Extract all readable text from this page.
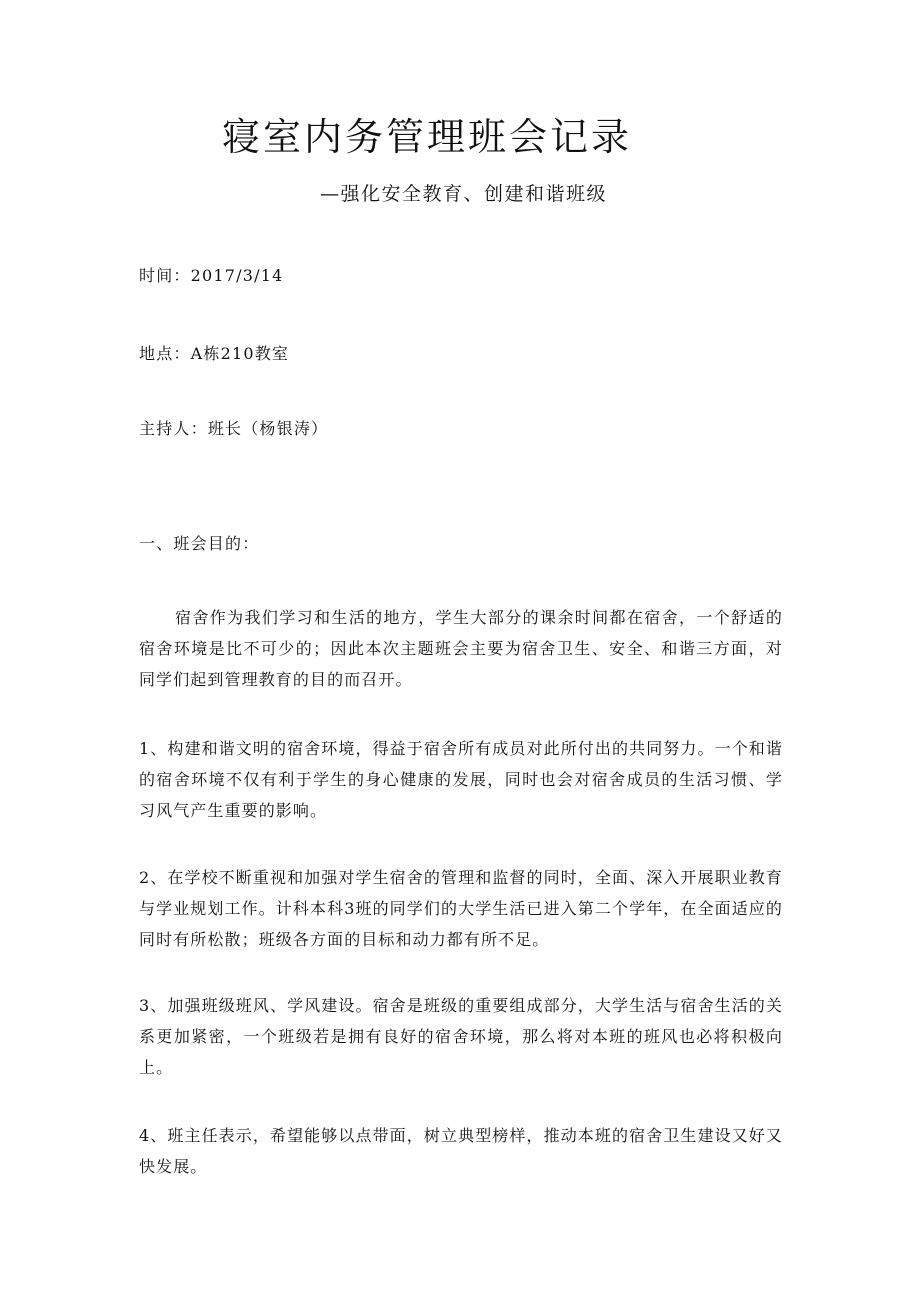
寝室内务管理班会记录
—强化安全教育、创建和谐班级
时间：2017/3/14
地点：A栋210教室
主持人：班长（杨银涛）
一、班会目的：
宿舍作为我们学习和生活的地方，学生大部分的课余时间都在宿舍，一个舒适的宿舍环境是比不可少的；因此本次主题班会主要为宿舍卫生、安全、和谐三方面，对同学们起到管理教育的目的而召开。
1、构建和谐文明的宿舍环境，得益于宿舍所有成员对此所付出的共同努力。一个和谐的宿舍环境不仅有利于学生的身心健康的发展，同时也会对宿舍成员的生活习惯、学习风气产生重要的影响。
2、在学校不断重视和加强对学生宿舍的管理和监督的同时，全面、深入开展职业教育与学业规划工作。计科本科3班的同学们的大学生活已进入第二个学年，在全面适应的同时有所松散；班级各方面的目标和动力都有所不足。
3、加强班级班风、学风建设。宿舍是班级的重要组成部分，大学生活与宿舍生活的关系更加紧密，一个班级若是拥有良好的宿舍环境，那么将对本班的班风也必将积极向上。
4、班主任表示，希望能够以点带面，树立典型榜样，推动本班的宿舍卫生建设又好又快发展。
